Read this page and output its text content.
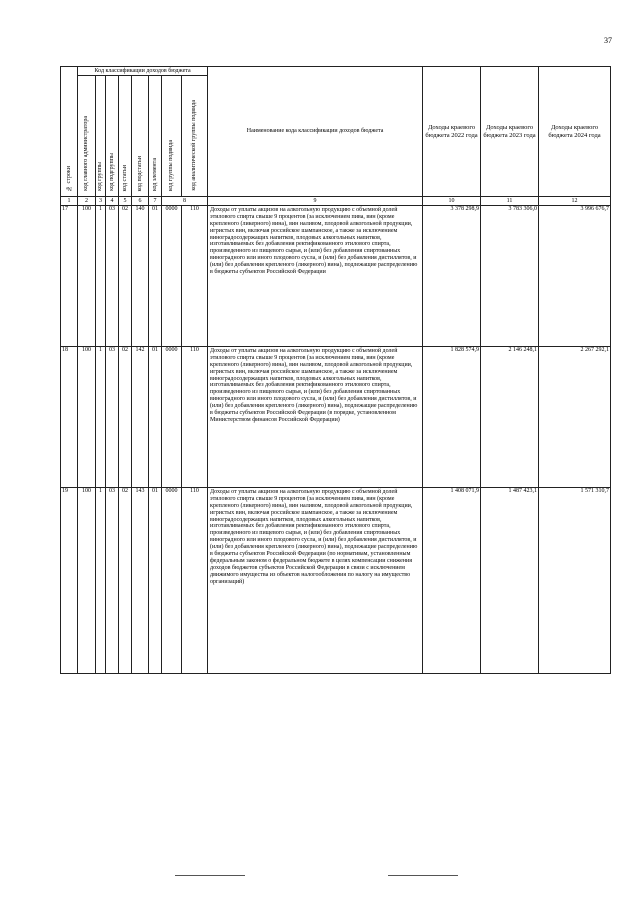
37
№ строки	Код классификации доходов бюджета								Наименование кода классификации доходов бюджета	Доходы краевого бюджета 2022 года	Доходы краевого бюджета 2023 года	Доходы краевого бюджета 2024 года
	код главного администратора	код группы	код подгруппы	код статьи	код подстатьи	код элемента	код группы подвида	код аналитической группы подвида				
1	2	3	4	5	6	7	8		9	10	11	12
17	100	1	03	02	140	01	0000	110	Доходы от уплаты акцизов на алкогольную продукцию с объемной долей этилового спирта свыше 9 процентов (за исключением пива, вин (кроме крепленого (ликерного) вина), вин наливом, плодовой алкогольной продукции, игристых вин, включая российское шампанское, а также за исключением виноградосодержащих напитков, плодовых алкогольных напитков, изготавливаемых без добавления ректификованного этилового спирта, произведенного из пищевого сырья, и (или) без добавления спиртованных виноградного или иного плодового сусла, и (или) без добавления дистиллятов, и (или) без добавления крепленого (ликерного) вина), подлежащие распределению в бюджеты субъектов Российской Федерации	3 378 298,9	3 783 306,0	3 996 676,7
18	100	1	03	02	142	01	0000	110	Доходы от уплаты акцизов на алкогольную продукцию с объемной долей этилового спирта свыше 9 процентов (за исключением пива, вин (кроме крепленого (ликерного) вина), вин наливом, плодовой алкогольной продукции, игристых вин, включая российское шампанское, а также за исключением виноградосодержащих напитков, плодовых алкогольных напитков, изготавливаемых без добавления ректификованного этилового спирта, произведенного из пищевого сырья, и (или) без добавления спиртованных виноградного или иного плодового сусла, и (или) без добавления дистиллятов, и (или) без добавления крепленого (ликерного) вина), подлежащие распределению в бюджеты субъектов Российской Федерации (в порядке, установленном Министерством финансов Российской Федерации)	1 828 574,9	2 146 248,1	2 267 292,1
19	100	1	03	02	143	01	0000	110	Доходы от уплаты акцизов на алкогольную продукцию с объемной долей этилового спирта свыше 9 процентов (за исключением пива, вин (кроме крепленого (ликерного) вина), вин наливом, плодовой алкогольной продукции, игристых вин, включая российское шампанское, а также за исключением виноградосодержащих напитков, плодовых алкогольных напитков, изготавливаемых без добавления ректификованного этилового спирта, произведенного из пищевого сырья, и (или) без добавления спиртованных виноградного или иного плодового сусла, и (или) без добавления дистиллятов, и (или) без добавления крепленого (ликерного) вина), подлежащие распределению в бюджеты субъектов Российской Федерации (по нормативам, установленным федеральным законом о федеральном бюджете в целях компенсации снижения доходов бюджетов субъектов Российской Федерации в связи с исключением движимого имущества из объектов налогообложения по налогу на имущество организаций)	1 408 071,9	1 487 423,1	1 571 310,7
